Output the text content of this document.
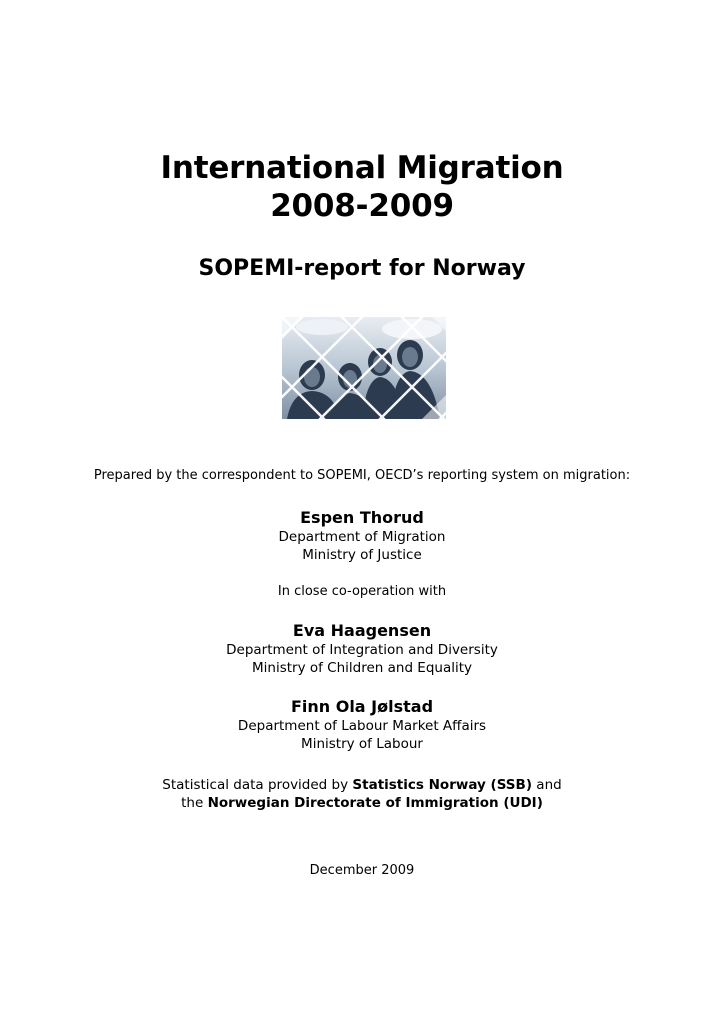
International Migration
2008-2009
SOPEMI-report for Norway

Prepared by the correspondent to SOPEMI, OECD’s reporting system on migration:

Espen Thorud
Department of Migration
Ministry of Justice

In close co-operation with

Eva Haagensen
Department of Integration and Diversity
Ministry of Children and Equality
Finn Ola Jølstad
Department of Labour Market Affairs
Ministry of Labour
Statistical data provided by Statistics Norway (SSB) and
the Norwegian Directorate of Immigration (UDI)

December 2009
